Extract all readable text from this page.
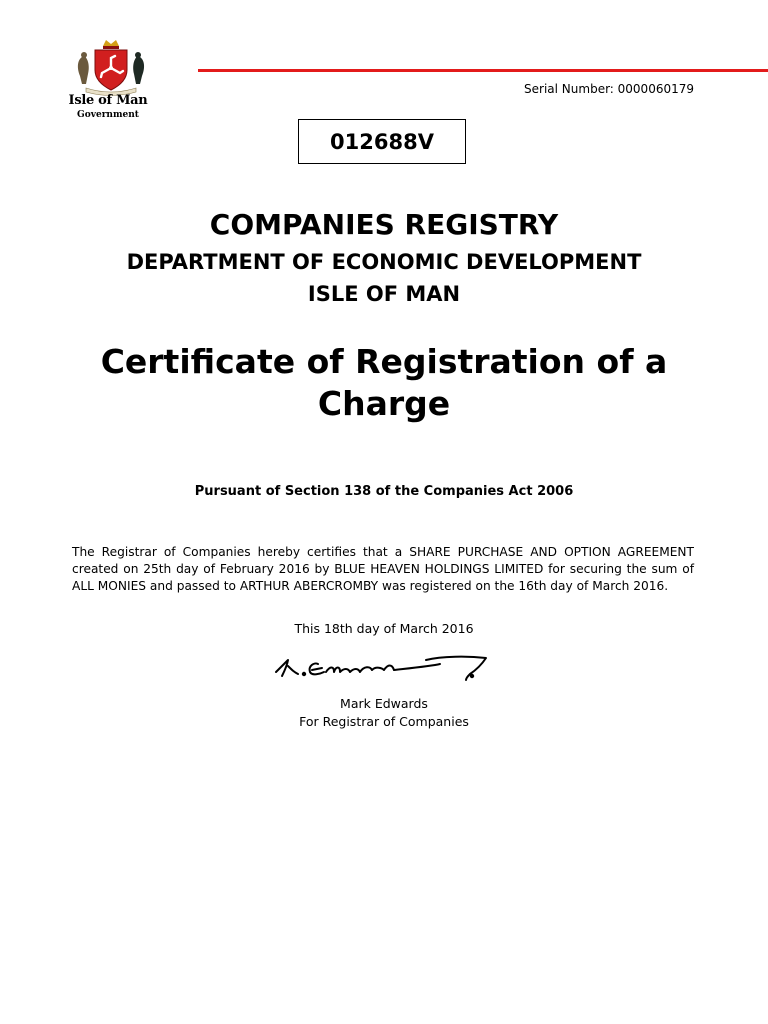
Isle of Man
Government
Serial Number: 0000060179
012688V
COMPANIES REGISTRY
DEPARTMENT OF ECONOMIC DEVELOPMENT
ISLE OF MAN
Certificate of Registration of a Charge
Pursuant of Section 138 of the Companies Act 2006
The Registrar of Companies hereby certifies that a SHARE PURCHASE AND OPTION AGREEMENT created on 25th day of February 2016 by BLUE HEAVEN HOLDINGS LIMITED for securing the sum of ALL MONIES and passed to ARTHUR ABERCROMBY was registered on the 16th day of March 2016.
This 18th day of March 2016
Mark Edwards
For Registrar of Companies
